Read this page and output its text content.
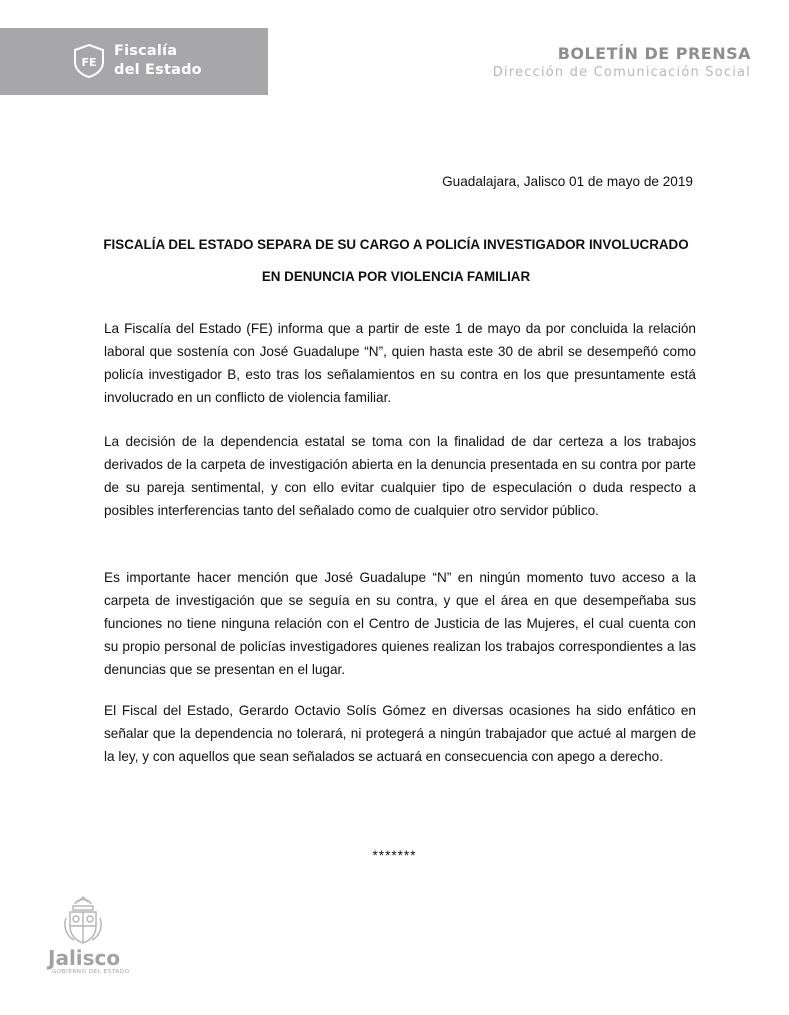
FE
Fiscalía
del Estado
BOLETÍN DE PRENSA
Dirección de Comunicación Social
Guadalajara, Jalisco 01 de mayo de 2019
FISCALÍA DEL ESTADO SEPARA DE SU CARGO A POLICÍA INVESTIGADOR INVOLUCRADO
EN DENUNCIA POR VIOLENCIA FAMILIAR

La Fiscalía del Estado (FE) informa que a partir de este 1 de mayo da por concluida la relación laboral que sostenía con José Guadalupe “N”, quien hasta este 30 de abril se desempeñó como policía investigador B, esto tras los señalamientos en su contra en los que presuntamente está involucrado en un conflicto de violencia familiar.

La decisión de la dependencia estatal se toma con la finalidad de dar certeza a los trabajos derivados de la carpeta de investigación abierta en la denuncia presentada en su contra por parte de su pareja sentimental, y con ello evitar cualquier tipo de especulación o duda respecto a posibles interferencias tanto del señalado como de cualquier otro servidor público.

Es importante hacer mención que José Guadalupe “N” en ningún momento tuvo acceso a la carpeta de investigación que se seguía en su contra, y que el área en que desempeñaba sus funciones no tiene ninguna relación con el Centro de Justicia de las Mujeres, el cual cuenta con su propio personal de policías investigadores quienes realizan los trabajos correspondientes a las denuncias que se presentan en el lugar.

El Fiscal del Estado, Gerardo Octavio Solís Gómez en diversas ocasiones ha sido enfático en señalar que la dependencia no tolerará, ni protegerá a ningún trabajador que actué al margen de la ley, y con aquellos que sean señalados se actuará en consecuencia con apego a derecho.

*******
Jalisco
GOBIERNO DEL ESTADO
